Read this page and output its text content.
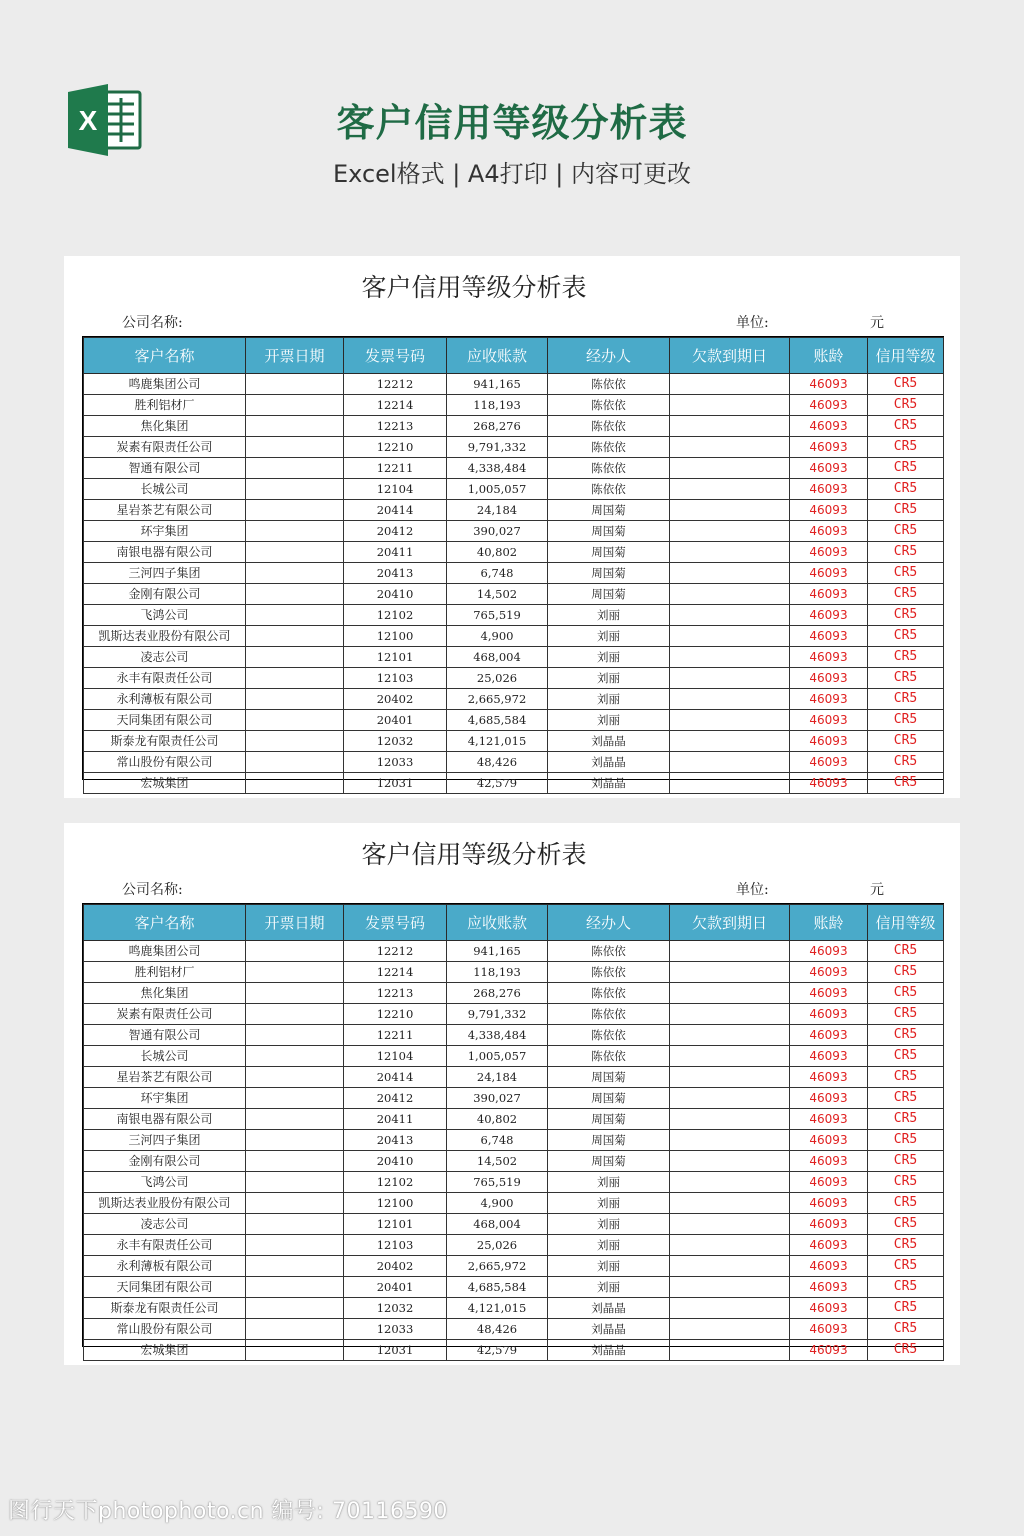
X	客户信用等级分析表
Excel格式 | A4打印 | 内容可更改
客户信用等级分析表
公司名称:	单位:	元
客户名称	开票日期	发票号码	应收账款	经办人	欠款到期日	账龄	信用等级
鸣鹿集团公司		12212	941,165	陈依依		46093	CR5
胜利铝材厂		12214	118,193	陈依依		46093	CR5
焦化集团		12213	268,276	陈依依		46093	CR5
炭素有限责任公司		12210	9,791,332	陈依依		46093	CR5
智通有限公司		12211	4,338,484	陈依依		46093	CR5
长城公司		12104	1,005,057	陈依依		46093	CR5
星岩茶艺有限公司		20414	24,184	周国菊		46093	CR5
环宇集团		20412	390,027	周国菊		46093	CR5
南银电器有限公司		20411	40,802	周国菊		46093	CR5
三河四子集团		20413	6,748	周国菊		46093	CR5
金刚有限公司		20410	14,502	周国菊		46093	CR5
飞鸿公司		12102	765,519	刘丽		46093	CR5
凯斯达表业股份有限公司		12100	4,900	刘丽		46093	CR5
凌志公司		12101	468,004	刘丽		46093	CR5
永丰有限责任公司		12103	25,026	刘丽		46093	CR5
永利薄板有限公司		20402	2,665,972	刘丽		46093	CR5
天同集团有限公司		20401	4,685,584	刘丽		46093	CR5
斯泰龙有限责任公司		12032	4,121,015	刘晶晶		46093	CR5
常山股份有限公司		12033	48,426	刘晶晶		46093	CR5
宏城集团		12031	42,579	刘晶晶		46093	CR5
客户信用等级分析表
公司名称:	单位:	元
客户名称	开票日期	发票号码	应收账款	经办人	欠款到期日	账龄	信用等级
鸣鹿集团公司		12212	941,165	陈依依		46093	CR5
胜利铝材厂		12214	118,193	陈依依		46093	CR5
焦化集团		12213	268,276	陈依依		46093	CR5
炭素有限责任公司		12210	9,791,332	陈依依		46093	CR5
智通有限公司		12211	4,338,484	陈依依		46093	CR5
长城公司		12104	1,005,057	陈依依		46093	CR5
星岩茶艺有限公司		20414	24,184	周国菊		46093	CR5
环宇集团		20412	390,027	周国菊		46093	CR5
南银电器有限公司		20411	40,802	周国菊		46093	CR5
三河四子集团		20413	6,748	周国菊		46093	CR5
金刚有限公司		20410	14,502	周国菊		46093	CR5
飞鸿公司		12102	765,519	刘丽		46093	CR5
凯斯达表业股份有限公司		12100	4,900	刘丽		46093	CR5
凌志公司		12101	468,004	刘丽		46093	CR5
永丰有限责任公司		12103	25,026	刘丽		46093	CR5
永利薄板有限公司		20402	2,665,972	刘丽		46093	CR5
天同集团有限公司		20401	4,685,584	刘丽		46093	CR5
斯泰龙有限责任公司		12032	4,121,015	刘晶晶		46093	CR5
常山股份有限公司		12033	48,426	刘晶晶		46093	CR5
宏城集团		12031	42,579	刘晶晶		46093	CR5
图行天下photophoto.cn 编号: 70116590
